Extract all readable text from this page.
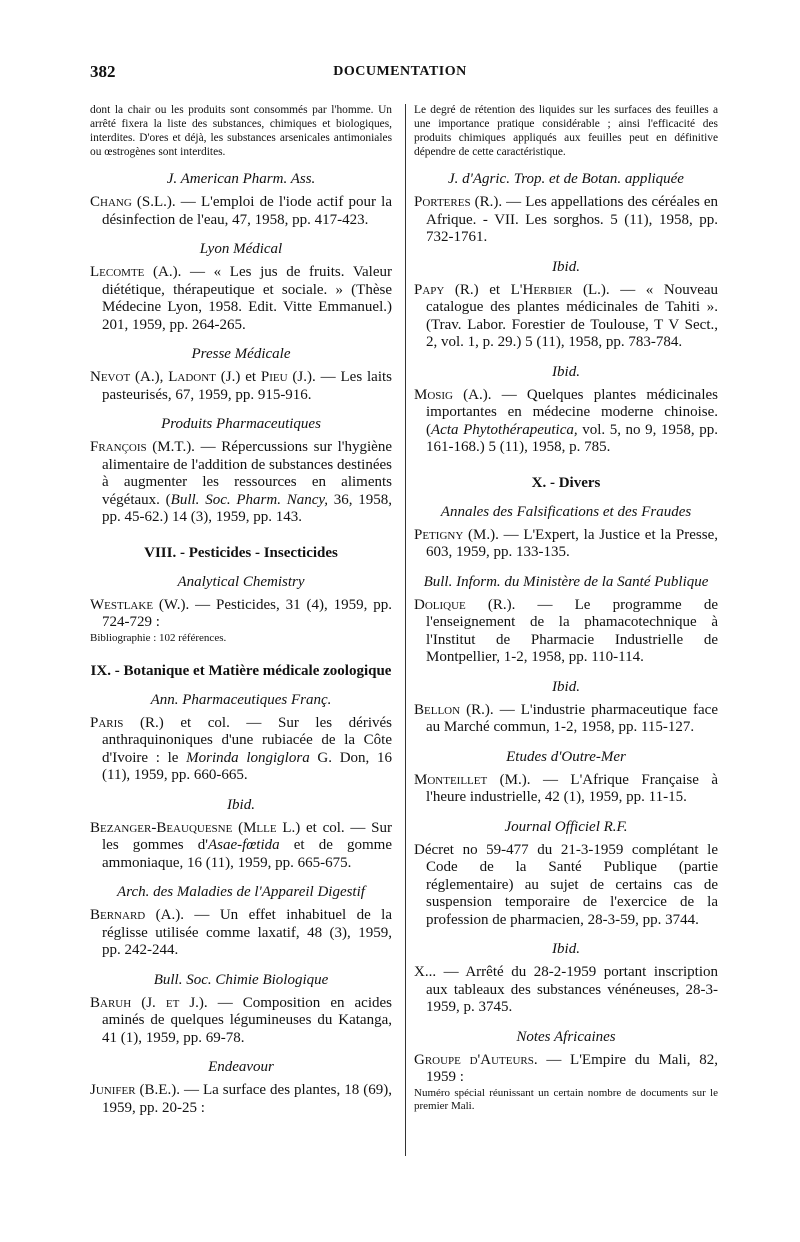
382	DOCUMENTATION

dont la chair ou les produits sont consommés par l'homme. Un arrêté fixera la liste des substances, chimiques et biologiques, interdites. D'ores et déjà, les substances arsenicales antimoniales ou œstrogènes sont interdites.

J. American Pharm. Ass.

Chang (S.L.). — L'emploi de l'iode actif pour la désinfection de l'eau, 47, 1958, pp. 417-423.

Lyon Médical

Lecomte (A.). — « Les jus de fruits. Valeur diététique, thérapeutique et sociale. » (Thèse Médecine Lyon, 1958. Edit. Vitte Emmanuel.) 201, 1959, pp. 264-265.

Presse Médicale

Nevot (A.), Ladont (J.) et Pieu (J.). — Les laits pasteurisés, 67, 1959, pp. 915-916.

Produits Pharmaceutiques

François (M.T.). — Répercussions sur l'hygiène alimentaire de l'addition de substances destinées à augmenter les ressources en aliments végétaux. (Bull. Soc. Pharm. Nancy, 36, 1958, pp. 45-62.) 14 (3), 1959, pp. 143.

VIII. - Pesticides - Insecticides
Analytical Chemistry

Westlake (W.). — Pesticides, 31 (4), 1959, pp. 724-729 :
Bibliographie : 102 références.

IX. - Botanique et Matière médicale zoologique
Ann. Pharmaceutiques Franç.

Paris (R.) et col. — Sur les dérivés anthraquinoniques d'une rubiacée de la Côte d'Ivoire : le Morinda longiglora G. Don, 16 (11), 1959, pp. 660-665.

Ibid.

Bezanger-Beauquesne (Mlle L.) et col. — Sur les gommes d'Asae-fœtida et de gomme ammoniaque, 16 (11), 1959, pp. 665-675.

Arch. des Maladies de l'Appareil Digestif

Bernard (A.). — Un effet inhabituel de la réglisse utilisée comme laxatif, 48 (3), 1959, pp. 242-244.

Bull. Soc. Chimie Biologique

Baruh (J. et J.). — Composition en acides aminés de quelques légumineuses du Katanga, 41 (1), 1959, pp. 69-78.

Endeavour

Junifer (B.E.). — La surface des plantes, 18 (69), 1959, pp. 20-25 :

Le degré de rétention des liquides sur les surfaces des feuilles a une importance pratique considérable ; ainsi l'efficacité des produits chimiques appliqués aux feuilles peut en définitive dépendre de cette caractéristique.

J. d'Agric. Trop. et de Botan. appliquée

Porteres (R.). — Les appellations des céréales en Afrique. - VII. Les sorghos. 5 (11), 1958, pp. 732-1761.

Ibid.

Papy (R.) et L'Herbier (L.). — « Nouveau catalogue des plantes médicinales de Tahiti ». (Trav. Labor. Forestier de Toulouse, T V Sect., 2, vol. 1, p. 29.) 5 (11), 1958, pp. 783-784.

Ibid.

Mosig (A.). — Quelques plantes médicinales importantes en médecine moderne chinoise. (Acta Phytothérapeutica, vol. 5, no 9, 1958, pp. 161-168.) 5 (11), 1958, p. 785.

X. - Divers
Annales des Falsifications et des Fraudes

Petigny (M.). — L'Expert, la Justice et la Presse, 603, 1959, pp. 133-135.

Bull. Inform. du Ministère de la Santé Publique

Dolique (R.). — Le programme de l'enseignement de la phamacotechnique à l'Institut de Pharmacie Industrielle de Montpellier, 1-2, 1958, pp. 110-114.

Ibid.

Bellon (R.). — L'industrie pharmaceutique face au Marché commun, 1-2, 1958, pp. 115-127.

Etudes d'Outre-Mer

Monteillet (M.). — L'Afrique Française à l'heure industrielle, 42 (1), 1959, pp. 11-15.

Journal Officiel R.F.

Décret no 59-477 du 21-3-1959 complétant le Code de la Santé Publique (partie réglementaire) au sujet de certains cas de suspension temporaire de l'exercice de la profession de pharmacien, 28-3-59, pp. 3744.

Ibid.

X... — Arrêté du 28-2-1959 portant inscription aux tableaux des substances vénéneuses, 28-3-1959, p. 3745.

Notes Africaines

Groupe d'Auteurs. — L'Empire du Mali, 82, 1959 :
Numéro spécial réunissant un certain nombre de documents sur le premier Mali.
